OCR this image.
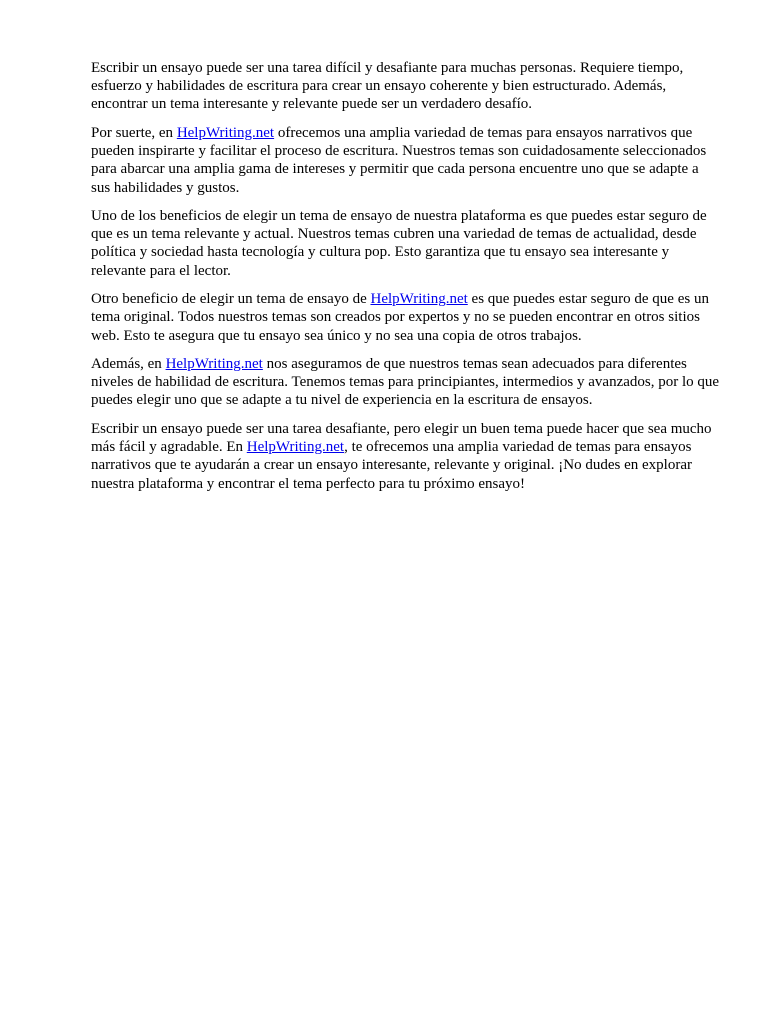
Escribir un ensayo puede ser una tarea difícil y desafiante para muchas personas. Requiere tiempo, esfuerzo y habilidades de escritura para crear un ensayo coherente y bien estructurado. Además, encontrar un tema interesante y relevante puede ser un verdadero desafío.

Por suerte, en HelpWriting.net ofrecemos una amplia variedad de temas para ensayos narrativos que pueden inspirarte y facilitar el proceso de escritura. Nuestros temas son cuidadosamente seleccionados para abarcar una amplia gama de intereses y permitir que cada persona encuentre uno que se adapte a sus habilidades y gustos.

Uno de los beneficios de elegir un tema de ensayo de nuestra plataforma es que puedes estar seguro de que es un tema relevante y actual. Nuestros temas cubren una variedad de temas de actualidad, desde política y sociedad hasta tecnología y cultura pop. Esto garantiza que tu ensayo sea interesante y relevante para el lector.

Otro beneficio de elegir un tema de ensayo de HelpWriting.net es que puedes estar seguro de que es un tema original. Todos nuestros temas son creados por expertos y no se pueden encontrar en otros sitios web. Esto te asegura que tu ensayo sea único y no sea una copia de otros trabajos.

Además, en HelpWriting.net nos aseguramos de que nuestros temas sean adecuados para diferentes niveles de habilidad de escritura. Tenemos temas para principiantes, intermedios y avanzados, por lo que puedes elegir uno que se adapte a tu nivel de experiencia en la escritura de ensayos.

Escribir un ensayo puede ser una tarea desafiante, pero elegir un buen tema puede hacer que sea mucho más fácil y agradable. En HelpWriting.net, te ofrecemos una amplia variedad de temas para ensayos narrativos que te ayudarán a crear un ensayo interesante, relevante y original. ¡No dudes en explorar nuestra plataforma y encontrar el tema perfecto para tu próximo ensayo!
